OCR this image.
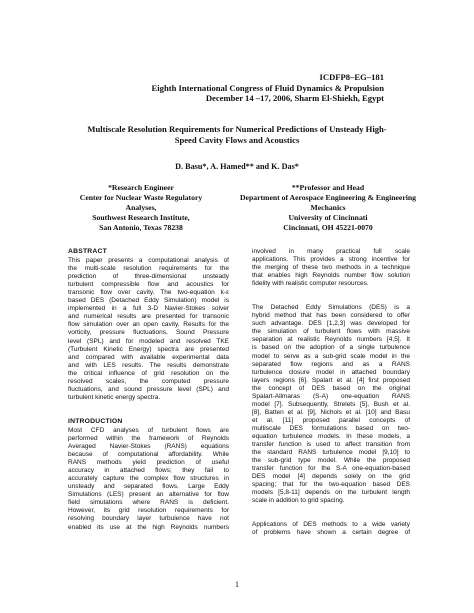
ICDFP8–EG–181
Eighth International Congress of Fluid Dynamics & Propulsion
December 14 –17, 2006, Sharm El-Shiekh, Egypt
Multiscale Resolution Requirements for Numerical Predictions of Unsteady High-
Speed Cavity Flows and Acoustics
D. Basu*, A. Hamed** and K. Das*
*Research Engineer
Center for Nuclear Waste Regulatory
Analyses,
Southwest Research Institute,
San Antonio, Texas 78238
**Professor and Head
Department of Aerospace Engineering & Engineering
Mechanics
University of Cincinnati
Cincinnati, OH 45221-0070
ABSTRACT
This paper presents a computational analysis of
the multi-scale resolution requirements for the
prediction of three-dimensional unsteady
turbulent compressible flow and acoustics for
transonic flow over cavity. The two-equation k-ε
based DES (Detached Eddy Simulation) model is
implemented in a full 3-D Navier-Stokes solver
and numerical results are presented for transonic
flow simulation over an open cavity. Results for the
vorticity, pressure fluctuations, Sound Pressure
level (SPL) and for modeled and resolved TKE
(Turbulent Kinetic Energy) spectra are presented
and compared with available experimental data
and with LES results. The results demonstrate
the critical influence of grid resolution on the
resolved scales, the computed pressure
fluctuations, and sound pressure level (SPL) and
turbulent kinetic energy spectra.
INTRODUCTION
Most CFD analyses of turbulent flows are
performed within the framework of Reynolds
Averaged Navier-Stokes (RANS) equations
because of computational affordability. While
RANS methods yield prediction of useful
accuracy in attached flows; they fail to
accurately capture the complex flow structures in
unsteady and separated flows. Large Eddy
Simulations (LES) present an alternative for flow
field simulations where RANS is deficient.
However, its grid resolution requirements for
resolving boundary layer turbulence have not
enabled its use at the high Reynolds numbers
involved in many practical full scale
applications. This provides a strong incentive for
the merging of these two methods in a technique
that enables high Reynolds number flow solution
fidelity with realistic computer resources.
The Detached Eddy Simulations (DES) is a
hybrid method that has been considered to offer
such advantage. DES [1,2,3] was developed for
the simulation of turbulent flows with massive
separation at realistic Reynolds numbers [4,5]. It
is based on the adoption of a single turbulence
model to serve as a sub-grid scale model in the
separated flow regions and as a RANS
turbulence closure model in attached boundary
layers regions [6]. Spalart et al. [4] first proposed
the concept of DES based on the original
Spalart-Allmaras (S-A) one-equation RANS
model [7]. Subsequently, Strelets [5], Bush et al.
[8], Batten et al. [9], Nichols et al. [10] and Basu
et al. [11] proposed parallel concepts of
multiscale DES formulations based on two-
equation turbulence models. In these models, a
transfer function is used to affect transition from
the standard RANS turbulence model [9,10] to
the sub-grid type model. While the proposed
transfer function for the S-A one-equation-based
DES model [4] depends solely on the grid
spacing; that for the two-equation based DES
models [5,8-11] depends on the turbulent length
scale in addition to grid spacing.
Applications of DES methods to a wide variety
of problems have shown a certain degree of
1
